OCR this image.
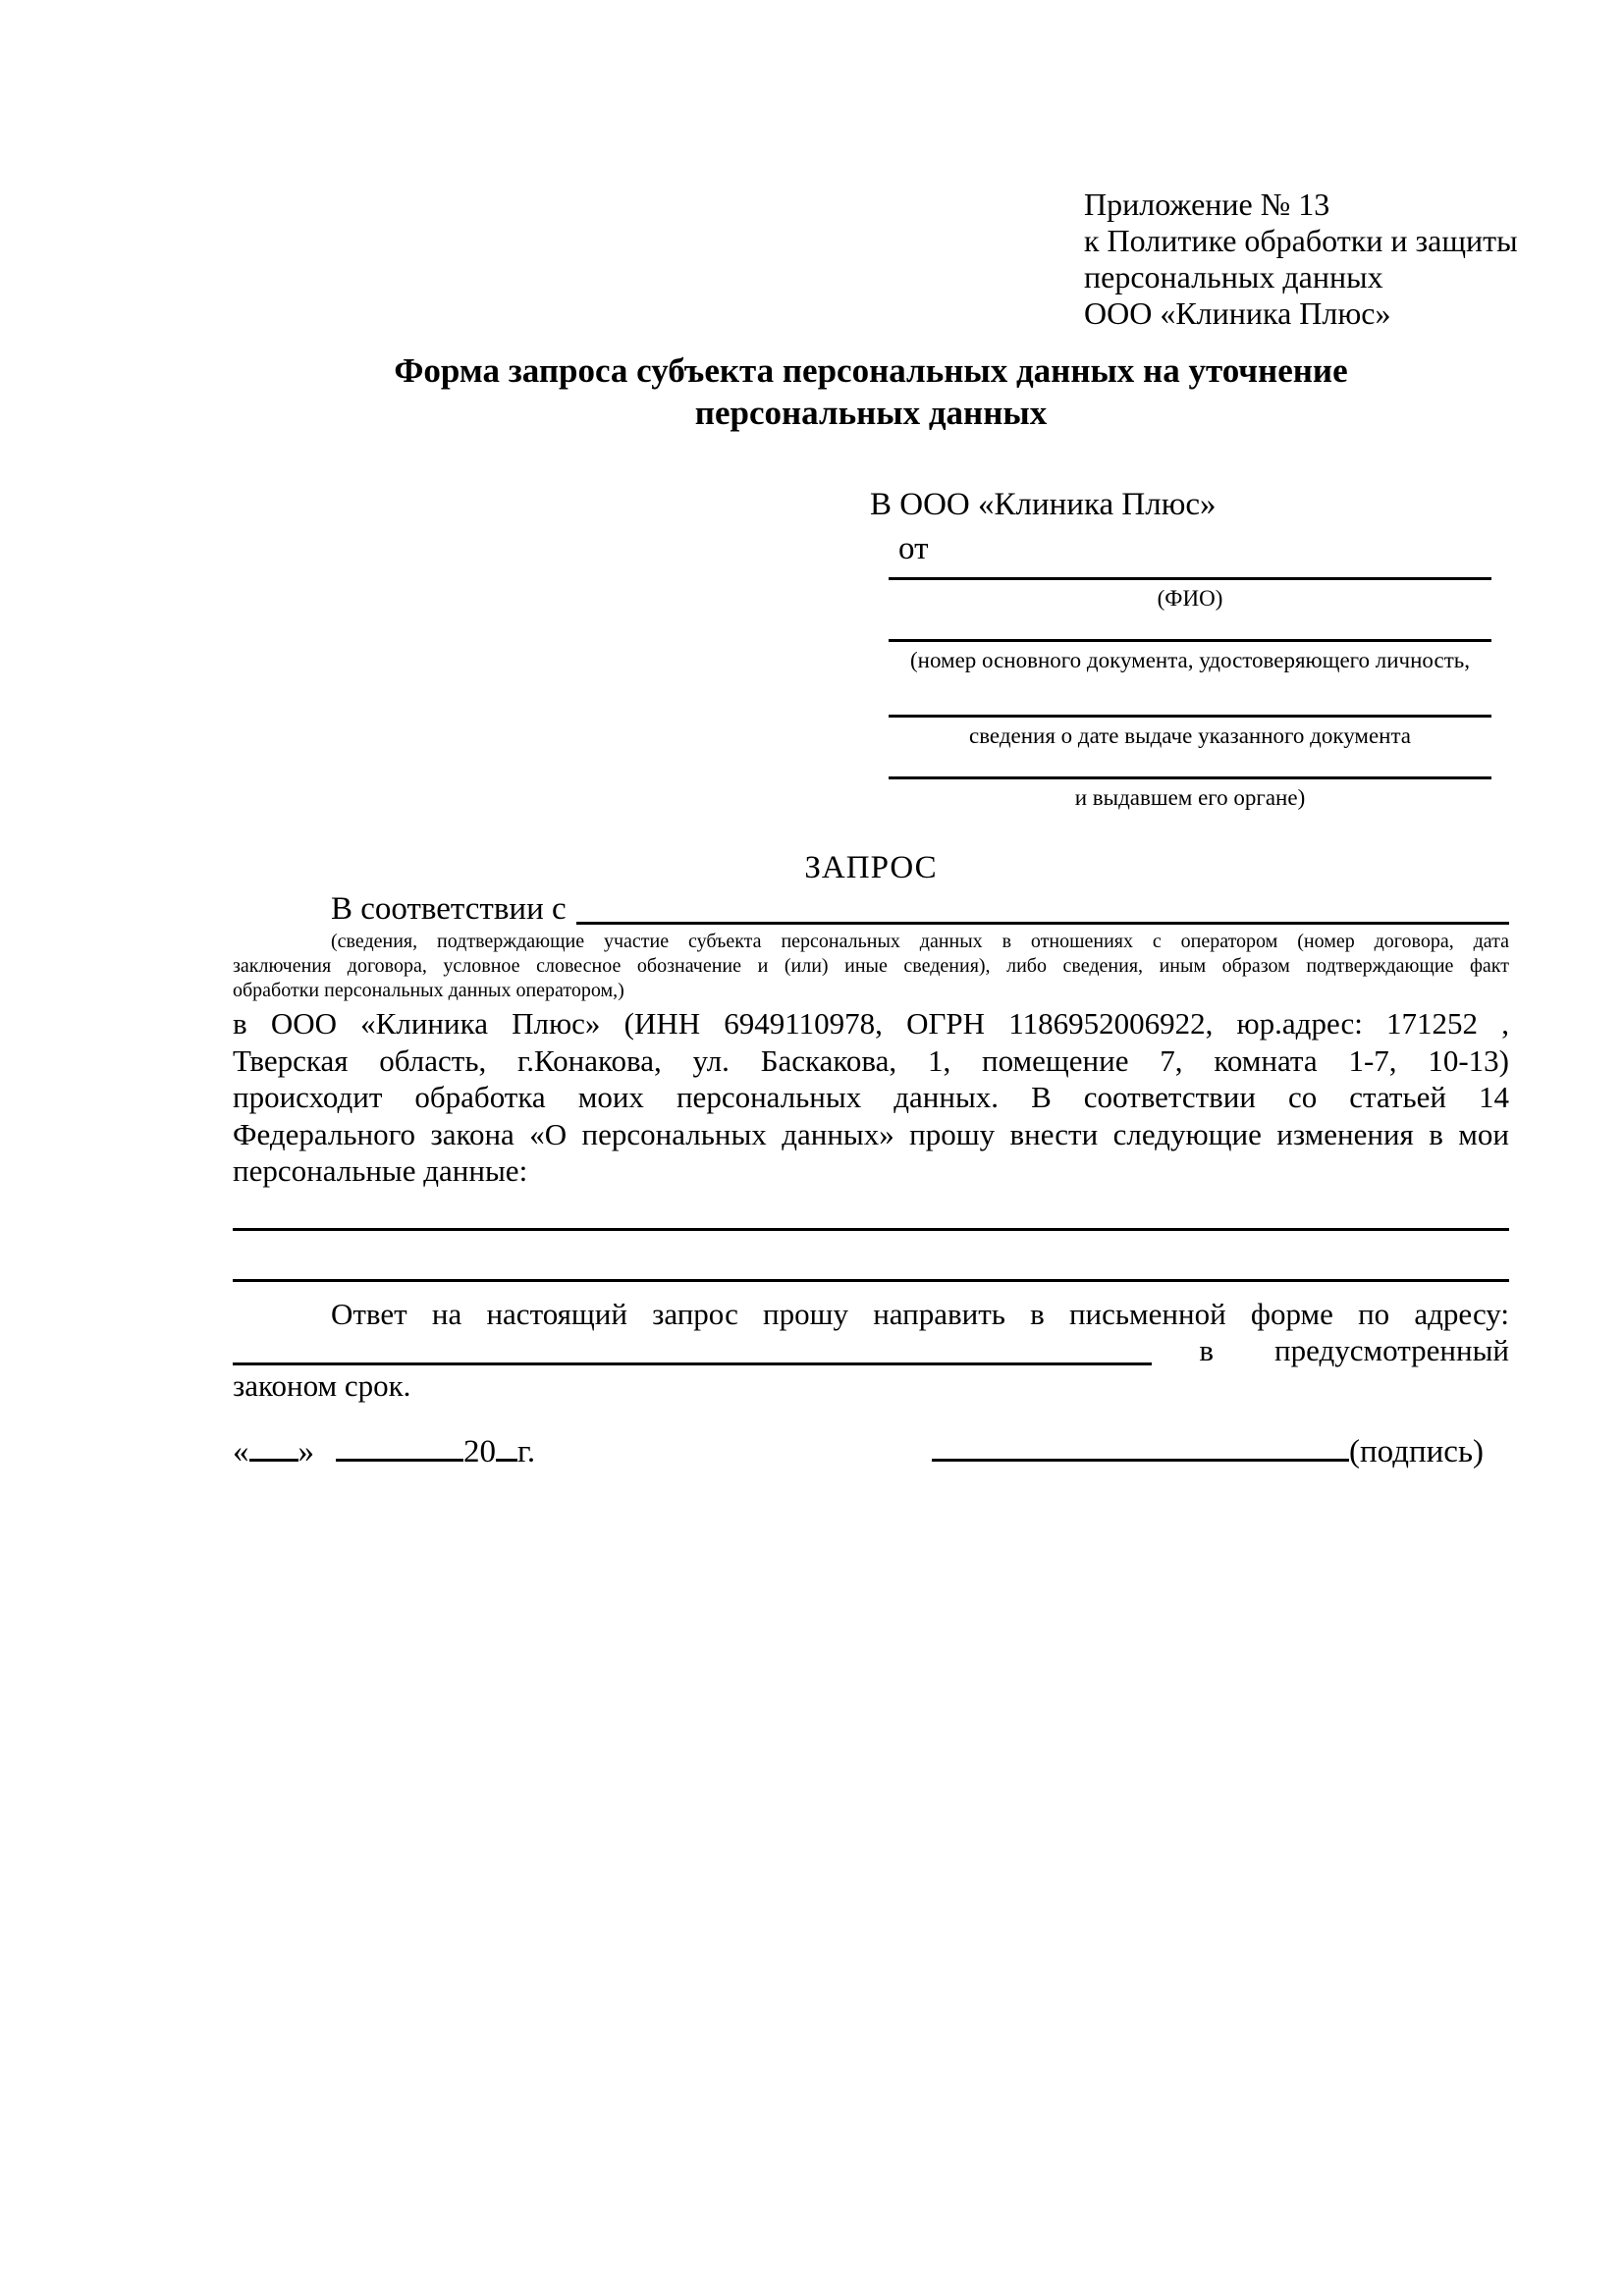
Приложение № 13
к Политике обработки и защиты
персональных данных
ООО «Клиника Плюс»
Форма запроса субъекта персональных данных на уточнение
персональных данных
В ООО «Клиника Плюс»
от
(ФИО)
(номер основного документа, удостоверяющего личность,
сведения о дате выдаче указанного документа
и выдавшем его органе)
ЗАПРОС
В соответствии с
(сведения, подтверждающие участие субъекта персональных данных в отношениях с оператором (номер договора, дата
заключения договора, условное словесное обозначение и (или) иные сведения), либо сведения, иным образом подтверждающие факт
обработки персональных данных оператором,)
в ООО «Клиника Плюс» (ИНН 6949110978, ОГРН 1186952006922, юр.адрес: 171252 ,
Тверская область, г.Конакова, ул. Баскакова, 1, помещение 7, комната 1-7, 10-13)
происходит обработка моих персональных данных. В соответствии со статьей 14
Федерального закона «О персональных данных» прошу внести следующие изменения в мои
персональные данные:
Ответ на настоящий запрос прошу направить в письменной форме по адресу:
в предусмотренный
законом срок.
« »	20 г.	(подпись)
